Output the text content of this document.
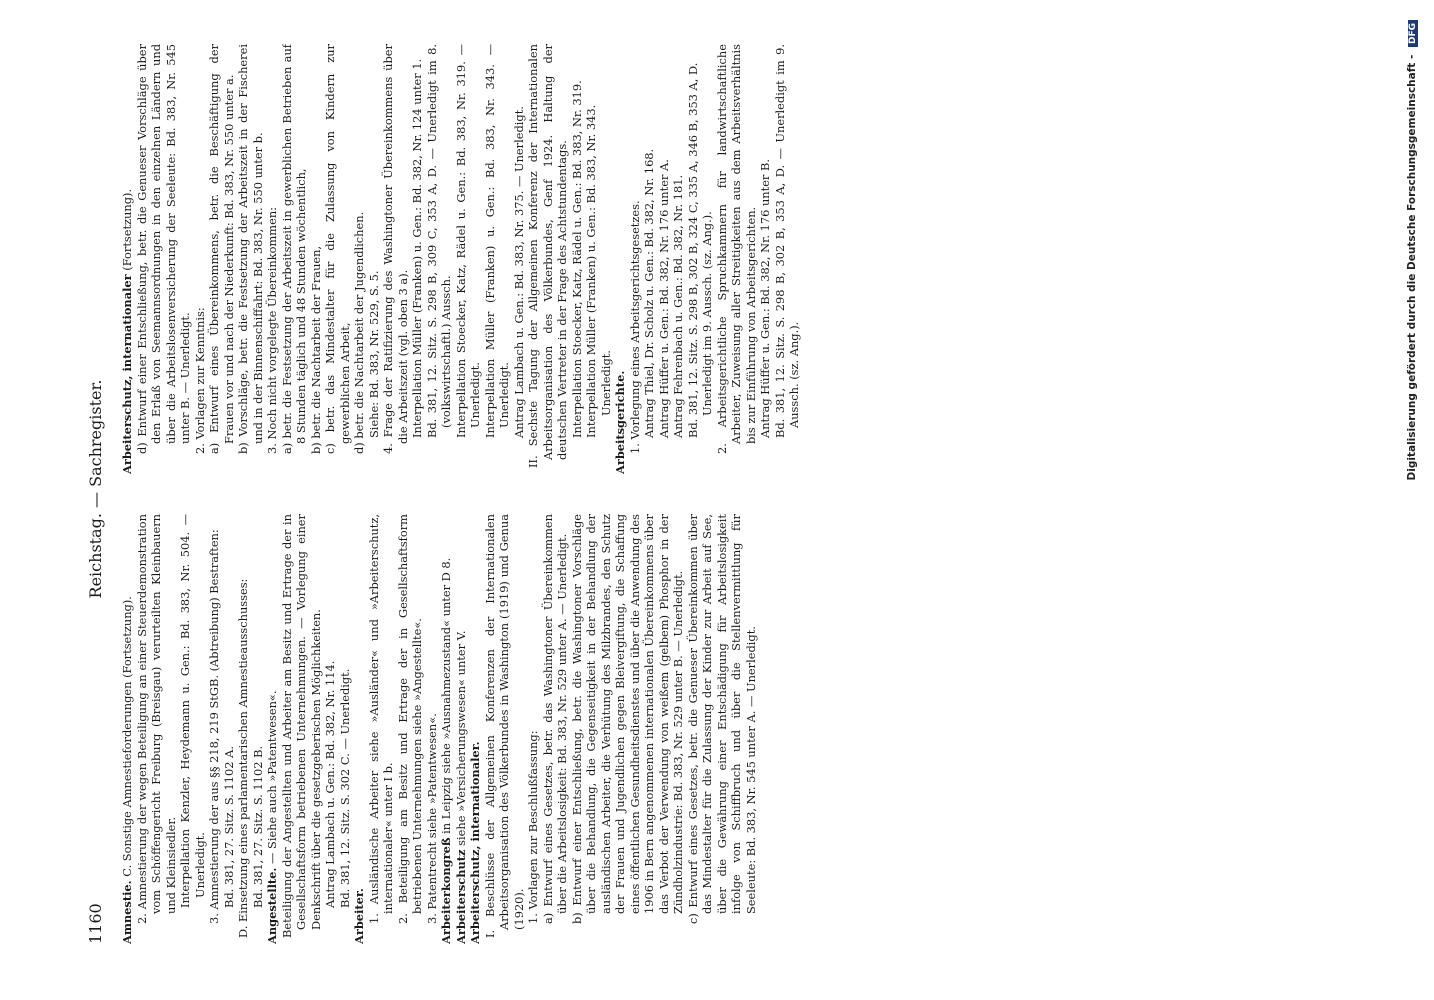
1160
Reichstag. — Sachregister.

Amnestie. C. Sonstige Amnestieforderungen (Fortsetzung). 2. Amnestierung der wegen Beteiligung an einer Steuerdemonstration vom Schöffengericht Freiburg (Breisgau) verurteilten Kleinbauern und Kleinsiedler. Interpellation Kenzler, Heydemann u. Gen.: Bd. 383, Nr. 504. — Unerledigt. 3. Amnestierung der aus §§ 218, 219 StGB. (Abtreibung) Bestraften: Bd. 381, 27. Sitz. S. 1102 A. D. Einsetzung eines parlamentarischen Amnestieausschusses: Bd. 381, 27. Sitz. S. 1102 B. Angestellte. — Siehe auch »Patentwesen«. Beteiligung der Angestellten und Arbeiter am Besitz und Ertrage der in Gesellschaftsform betriebenen Unternehmungen. — Vorlegung einer Denkschrift über die gesetzgeberischen Möglichkeiten. Antrag Lambach u. Gen.: Bd. 382, Nr. 114. Bd. 381, 12. Sitz. S. 302 C. — Unerledigt.

Arbeiter. 1. Ausländische Arbeiter siehe »Ausländer« und »Arbeiterschutz, internationaler« unter I b. 2. Beteiligung am Besitz und Ertrage der in Gesellschaftsform betriebenen Unternehmungen siehe »Angestellte«. 3. Patentrecht siehe »Patentwesen«. Arbeiterkongreß in Leipzig siehe »Ausnahmezustand« unter D 8.

Arbeiterschutz siehe »Versicherungswesen« unter V. Arbeiterschutz, internationaler. I. Beschlüsse der Allgemeinen Konferenzen der Internationalen Arbeitsorganisation des Völkerbundes in Washington (1919) und Genua (1920). 1. Vorlagen zur Beschlußfassung: a) Entwurf eines Gesetzes, betr. das Washingtoner Übereinkommen über die Arbeitslosigkeit: Bd. 383, Nr. 529 unter A. — Unerledigt. b) Entwurf einer Entschließung, betr. die Washingtoner Vorschläge über die Behandlung, die Gegenseitigkeit in der Behandlung der ausländischen Arbeiter, die Verhütung des Milzbrandes, den Schutz der Frauen und Jugendlichen gegen Bleivergiftung, die Schaffung eines öffentlichen Gesundheitsdienstes und über die Anwendung des 1906 in Bern angenommenen internationalen Übereinkommens über das Verbot der Verwendung von weißem (gelbem) Phosphor in der Zündholzindustrie: Bd. 383, Nr. 529 unter B. — Unerledigt. c) Entwurf eines Gesetzes, betr. die Genueser Übereinkommen über das Mindestalter für die Zulassung der Kinder zur Arbeit auf See, über die Gewährung einer Entschädigung für Arbeitslosigkeit infolge von Schiffbruch und über die Stellenvermittlung für Seeleute: Bd. 383, Nr. 545 unter A. — Unerledigt.

Arbeiterschutz, internationaler (Fortsetzung). d) Entwurf einer Entschließung, betr. die Genueser Vorschläge über den Erlaß von Seemannsordnungen in den einzelnen Ländern und über die Arbeitslosenversicherung der Seeleute: Bd. 383, Nr. 545 unter B. — Unerledigt. 2. Vorlagen zur Kenntnis: a) Entwurf eines Übereinkommens, betr. die Beschäftigung der Frauen vor und nach der Niederkunft: Bd. 383, Nr. 550 unter a. b) Vorschläge, betr. die Festsetzung der Arbeitszeit in der Fischerei und in der Binnenschiffahrt: Bd. 383, Nr. 550 unter b. 3. Noch nicht vorgelegte Übereinkommen: a) betr. die Festsetzung der Arbeitszeit in gewerblichen Betrieben auf 8 Stunden täglich und 48 Stunden wöchentlich, b) betr. die Nachtarbeit der Frauen, c) betr. das Mindestalter für die Zulassung von Kindern zur gewerblichen Arbeit, d) betr. die Nachtarbeit der Jugendlichen. Siehe: Bd. 383, Nr. 529, S. 5. 4. Frage der Ratifizierung des Washingtoner Übereinkommens über die Arbeitszeit (vgl. oben 3 a). Interpellation Müller (Franken) u. Gen.: Bd. 382, Nr. 124 unter 1. Bd. 381, 12. Sitz. S. 298 B, 309 C, 353 A, D. — Unerledigt im 8. (volkswirtschaftl.) Aussch. Interpellation Stoecker, Katz, Rädel u. Gen.: Bd. 383, Nr. 319. — Unerledigt. Interpellation Müller (Franken) u. Gen.: Bd. 383, Nr. 343. — Unerledigt. Antrag Lambach u. Gen.: Bd. 383, Nr. 375. — Unerledigt. II. Sechste Tagung der Allgemeinen Konferenz der Internationalen Arbeitsorganisation des Völkerbundes, Genf 1924. Haltung der deutschen Vertreter in der Frage des Achtstundentags. Interpellation Stoecker, Katz, Rädel u. Gen.: Bd. 383, Nr. 319. Interpellation Müller (Franken) u. Gen.: Bd. 383, Nr. 343. Unerledigt. Arbeitsgerichte. 1. Vorlegung eines Arbeitsgerichtsgesetzes. Antrag Thiel, Dr. Scholz u. Gen.: Bd. 382, Nr. 168. Antrag Hüffer u. Gen.: Bd. 382, Nr. 176 unter A. Antrag Fehrenbach u. Gen.: Bd. 382, Nr. 181. Bd. 381, 12. Sitz. S. 298 B, 302 B, 324 C, 335 A, 346 B, 353 A, D. Unerledigt im 9. Aussch. (sz. Ang.). 2. Arbeitsgerichtliche Spruchkammern für landwirtschaftliche Arbeiter, Zuweisung aller Streitigkeiten aus dem Arbeitsverhältnis bis zur Einführung von Arbeitsgerichten. Antrag Hüffer u. Gen.: Bd. 382, Nr. 176 unter B. Bd. 381, 12. Sitz. S. 298 B, 302 B, 353 A, D. — Unerledigt im 9. Aussch. (sz. Ang.).	Digitalisierung gefördert durch die Deutsche Forschungsgemeinschaft - DFG
